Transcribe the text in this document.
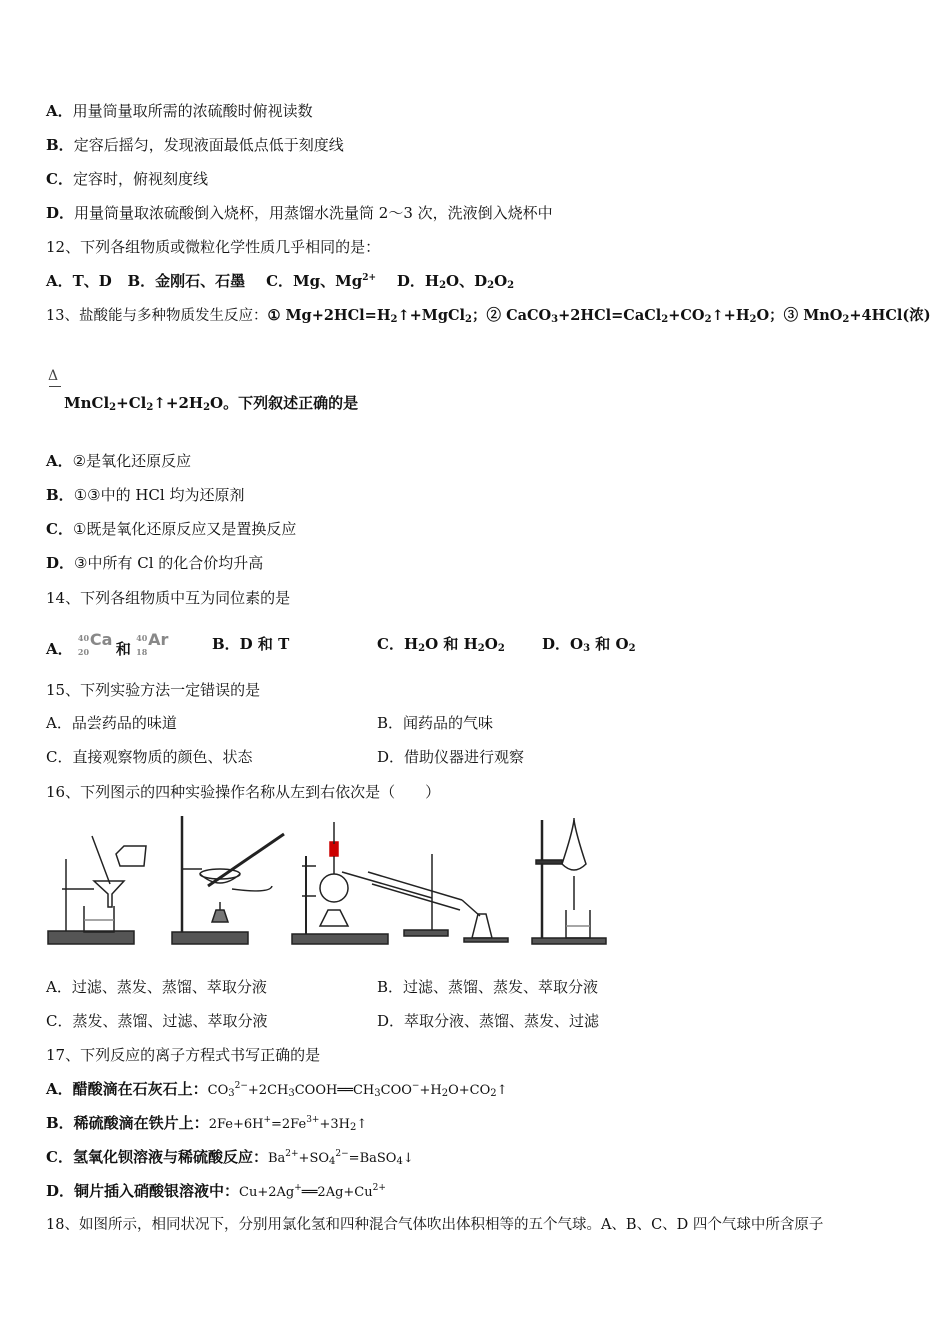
A．用量筒量取所需的浓硫酸时俯视读数
B．定容后摇匀，发现液面最低点低于刻度线
C．定容时，俯视刻度线
D．用量筒量取浓硫酸倒入烧杯，用蒸馏水洗量筒 2～3 次，洗液倒入烧杯中
12、下列各组物质或微粒化学性质几乎相同的是：
A．T、D B．金刚石、石墨 C．Mg、$Mg^{2+}$ D．$H_2O$、$D_2O_2$
13、盐酸能与多种物质发生反应：① $Mg+2HCl=H_2↑+MgCl_2$；② $CaCO_3+2HCl=CaCl_2+CO_2↑+H_2O$；③ MnO$_2$+4HCl(浓)
Δ
$MnCl_2+Cl_2↑+2H_2O$。下列叙述正确的是
A．②是氧化还原反应
B．①③中的 HCl 均为还原剂
C．①既是氧化还原反应又是置换反应
D．③中所有 Cl 的化合价均升高
14、下列各组物质中互为同位素的是
A．
40
20
Ca 和
40
18
Ar	B．D 和 T	C．$H_2O$ 和 $H_2O_2$ D．$O_3$ 和 $O_2$
15、下列实验方法一定错误的是
A．品尝药品的味道	B．闻药品的气味
C．直接观察物质的颜色、状态	D．借助仪器进行观察
16、下列图示的四种实验操作名称从左到右依次是（　　）
A．过滤、蒸发、蒸馏、萃取分液	B．过滤、蒸馏、蒸发、萃取分液
C．蒸发、蒸馏、过滤、萃取分液	D．萃取分液、蒸馏、蒸发、过滤
17、下列反应的离子方程式书写正确的是
A．醋酸滴在石灰石上：$CO_3^{2-}+2CH_3COOH══CH_3COO^-+H_2O+CO_2↑$
B．稀硫酸滴在铁片上：$2Fe+6H^+=2Fe^{3+}+3H_2↑$
C．氢氧化钡溶液与稀硫酸反应：$Ba^{2+}+SO_4^{2-}=BaSO_4↓$
D．铜片插入硝酸银溶液中：$Cu+2Ag^+══2Ag+Cu^{2+}$
18、如图所示，相同状况下，分别用氯化氢和四种混合气体吹出体积相等的五个气球。A、B、C、D 四个气球中所含原子
